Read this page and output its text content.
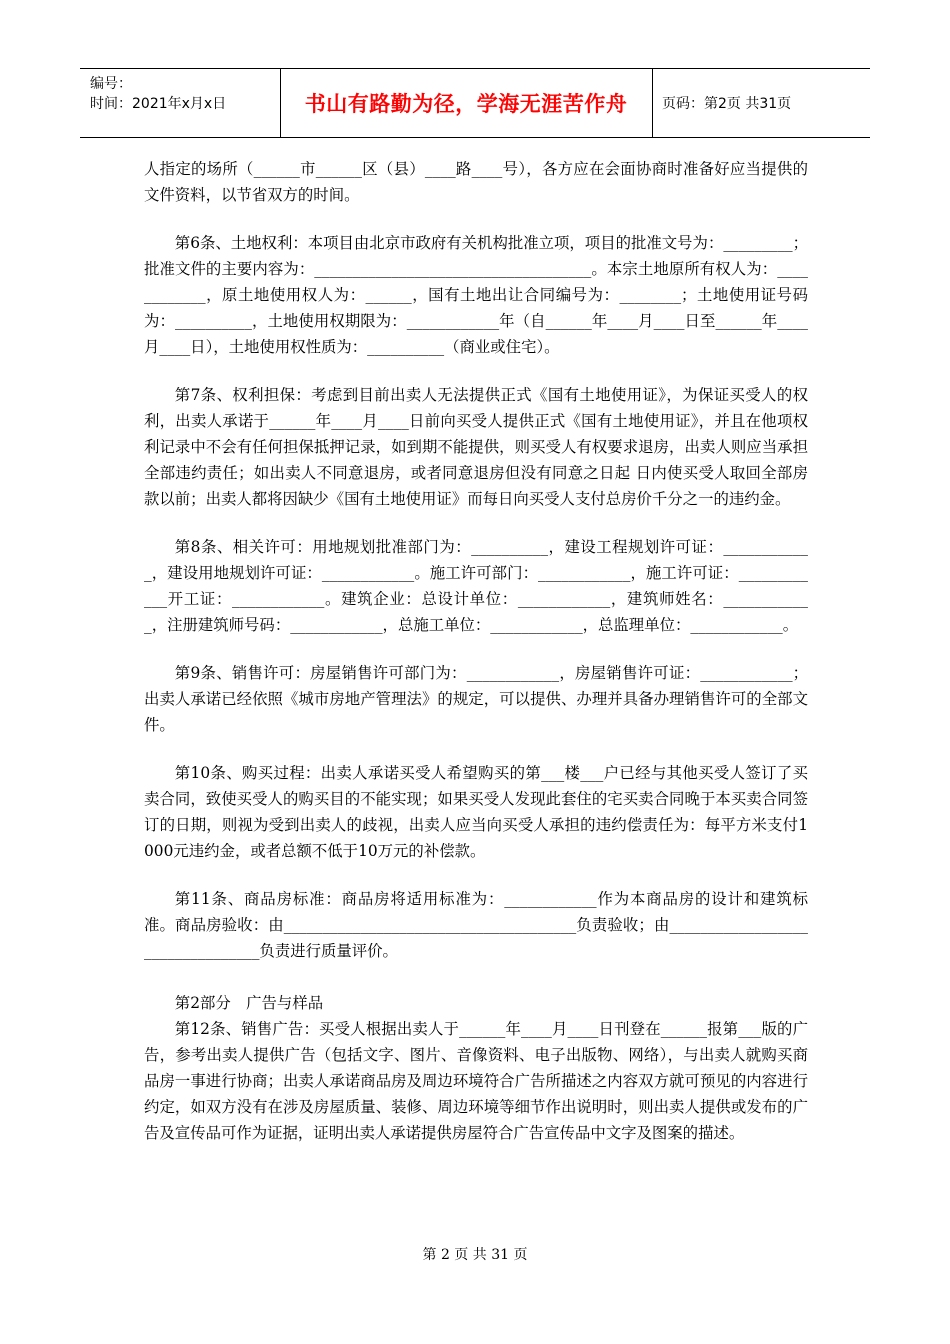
编号：
时间：2021年x月x日	书山有路勤为径，学海无涯苦作舟	页码：第2页 共31页

人指定的场所（______市______区（县）____路____号），各方应在会面协商时准备好应当提供的文件资料，以节省双方的时间。

第6条、土地权利：本项目由北京市政府有关机构批准立项，项目的批准文号为：_________；批准文件的主要内容为：____________________________________。本宗土地原所有权人为：____________，原土地使用权人为：______，国有土地出让合同编号为：________；土地使用证号码为：__________，土地使用权期限为：____________年（自______年____月____日至______年____月____日），土地使用权性质为：__________（商业或住宅）。

第7条、权利担保：考虑到目前出卖人无法提供正式《国有土地使用证》，为保证买受人的权利，出卖人承诺于______年____月____日前向买受人提供正式《国有土地使用证》，并且在他项权利记录中不会有任何担保抵押记录，如到期不能提供，则买受人有权要求退房，出卖人则应当承担全部违约责任；如出卖人不同意退房，或者同意退房但没有同意之日起 日内使买受人取回全部房款以前；出卖人都将因缺少《国有土地使用证》而每日向买受人支付总房价千分之一的违约金。

第8条、相关许可：用地规划批准部门为：__________，建设工程规划许可证：____________，建设用地规划许可证：____________。施工许可部门：____________，施工许可证：____________开工证：____________。建筑企业：总设计单位：____________，建筑师姓名：____________，注册建筑师号码：____________，总施工单位：____________，总监理单位：____________。

第9条、销售许可：房屋销售许可部门为：____________，房屋销售许可证：____________；出卖人承诺已经依照《城市房地产管理法》的规定，可以提供、办理并具备办理销售许可的全部文件。

第10条、购买过程：出卖人承诺买受人希望购买的第___楼___户已经与其他买受人签订了买卖合同，致使买受人的购买目的不能实现；如果买受人发现此套住的宅买卖合同晚于本买卖合同签订的日期，则视为受到出卖人的歧视，出卖人应当向买受人承担的违约偿责任为：每平方米支付1000元违约金，或者总额不低于10万元的补偿款。

第11条、商品房标准：商品房将适用标准为：____________作为本商品房的设计和建筑标准。商品房验收：由______________________________________负责验收；由_________________________________负责进行质量评价。

第2部分　广告与样品

第12条、销售广告：买受人根据出卖人于______年____月____日刊登在______报第___版的广告，参考出卖人提供广告（包括文字、图片、音像资料、电子出版物、网络），与出卖人就购买商品房一事进行协商；出卖人承诺商品房及周边环境符合广告所描述之内容双方就可预见的内容进行约定，如双方没有在涉及房屋质量、装修、周边环境等细节作出说明时，则出卖人提供或发布的广告及宣传品可作为证据，证明出卖人承诺提供房屋符合广告宣传品中文字及图案的描述。

第 2 页 共 31 页
